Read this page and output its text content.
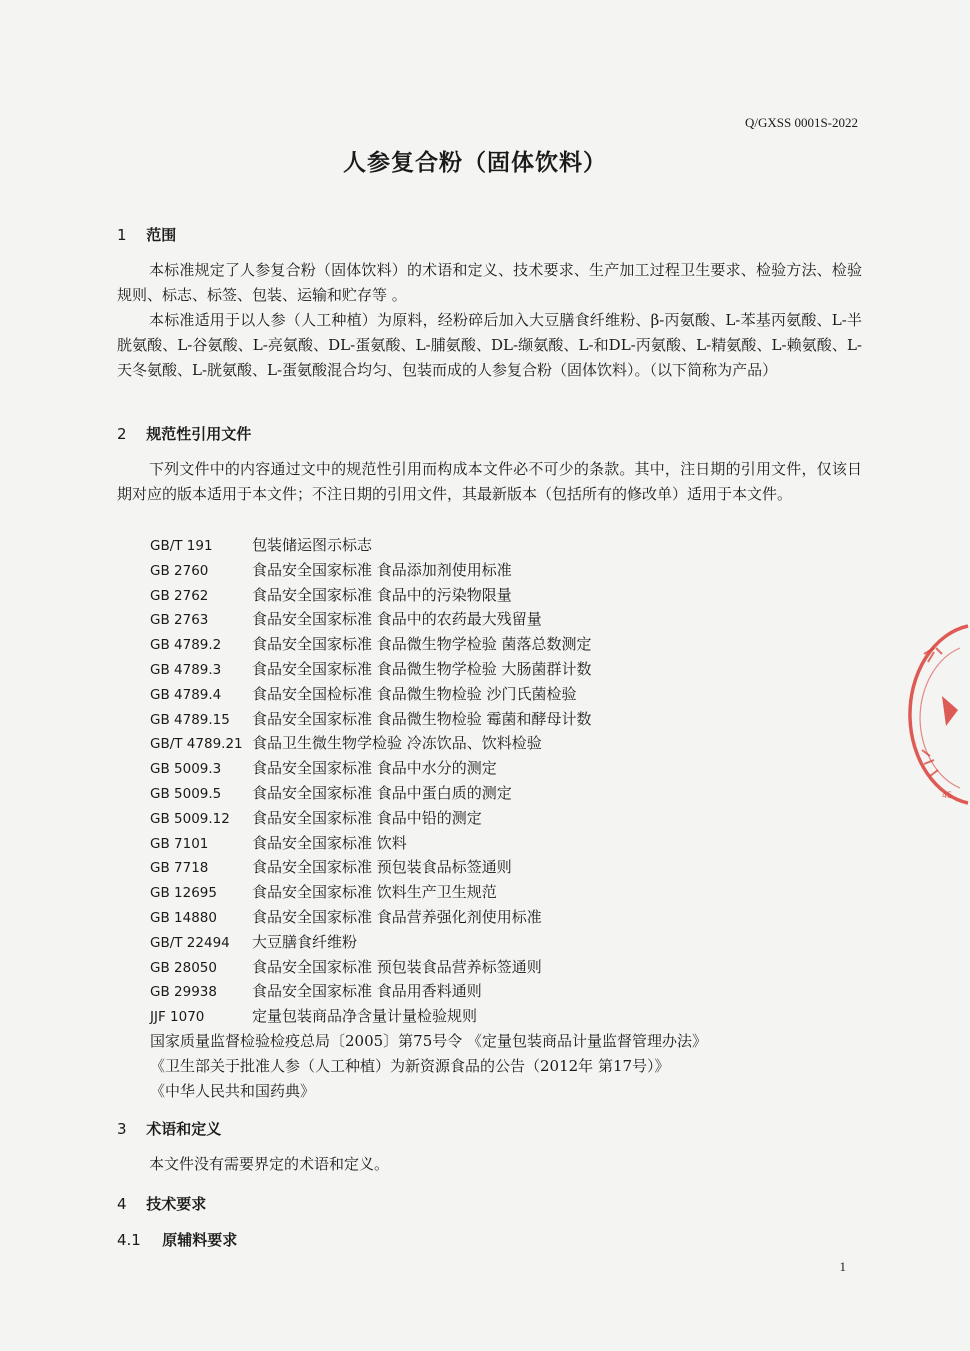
Q/GXSS 0001S-2022
人参复合粉（固体饮料）
1 范围

本标准规定了人参复合粉（固体饮料）的术语和定义、技术要求、生产加工过程卫生要求、检验方法、检验规则、标志、标签、包装、运输和贮存等 。

本标准适用于以人参（人工种植）为原料，经粉碎后加入大豆膳食纤维粉、β-丙氨酸、L-苯基丙氨酸、L-半胱氨酸、L-谷氨酸、L-亮氨酸、DL-蛋氨酸、L-脯氨酸、DL-缬氨酸、L-和DL-丙氨酸、L-精氨酸、L-赖氨酸、L-天冬氨酸、L-胱氨酸、L-蛋氨酸混合均匀、包装而成的人参复合粉（固体饮料）。（以下简称为产品）

2 规范性引用文件

下列文件中的内容通过文中的规范性引用而构成本文件必不可少的条款。其中，注日期的引用文件，仅该日期对应的版本适用于本文件；不注日期的引用文件，其最新版本（包括所有的修改单）适用于本文件。

GB/T 191	包装储运图示标志
GB 2760	食品安全国家标准 食品添加剂使用标准
GB 2762	食品安全国家标准 食品中的污染物限量
GB 2763	食品安全国家标准 食品中的农药最大残留量
GB 4789.2 食品安全国家标准 食品微生物学检验 菌落总数测定
GB 4789.3 食品安全国家标准 食品微生物学检验 大肠菌群计数
GB 4789.4 食品安全国检标准 食品微生物检验 沙门氏菌检验
GB 4789.15 食品安全国家标准 食品微生物检验 霉菌和酵母计数
GB/T 4789.21 食品卫生微生物学检验 冷冻饮品、饮料检验
GB 5009.3 食品安全国家标准 食品中水分的测定
GB 5009.5 食品安全国家标准 食品中蛋白质的测定
GB 5009.12 食品安全国家标准 食品中铅的测定
GB 7101	食品安全国家标准 饮料
GB 7718	食品安全国家标准 预包装食品标签通则
GB 12695 食品安全国家标准 饮料生产卫生规范
GB 14880 食品安全国家标准 食品营养强化剂使用标准
GB/T 22494 大豆膳食纤维粉
GB 28050 食品安全国家标准 预包装食品营养标签通则
GB 29938 食品安全国家标准 食品用香料通则
JJF 1070	定量包装商品净含量计量检验规则
国家质量监督检验检疫总局〔2005〕第75号令 《定量包装商品计量监督管理办法》
《卫生部关于批准人参（人工种植）为新资源食品的公告（2012年 第17号）》
《中华人民共和国药典》
3 术语和定义

本文件没有需要界定的术语和定义。

4 技术要求
4.1 原辅料要求
45
1
